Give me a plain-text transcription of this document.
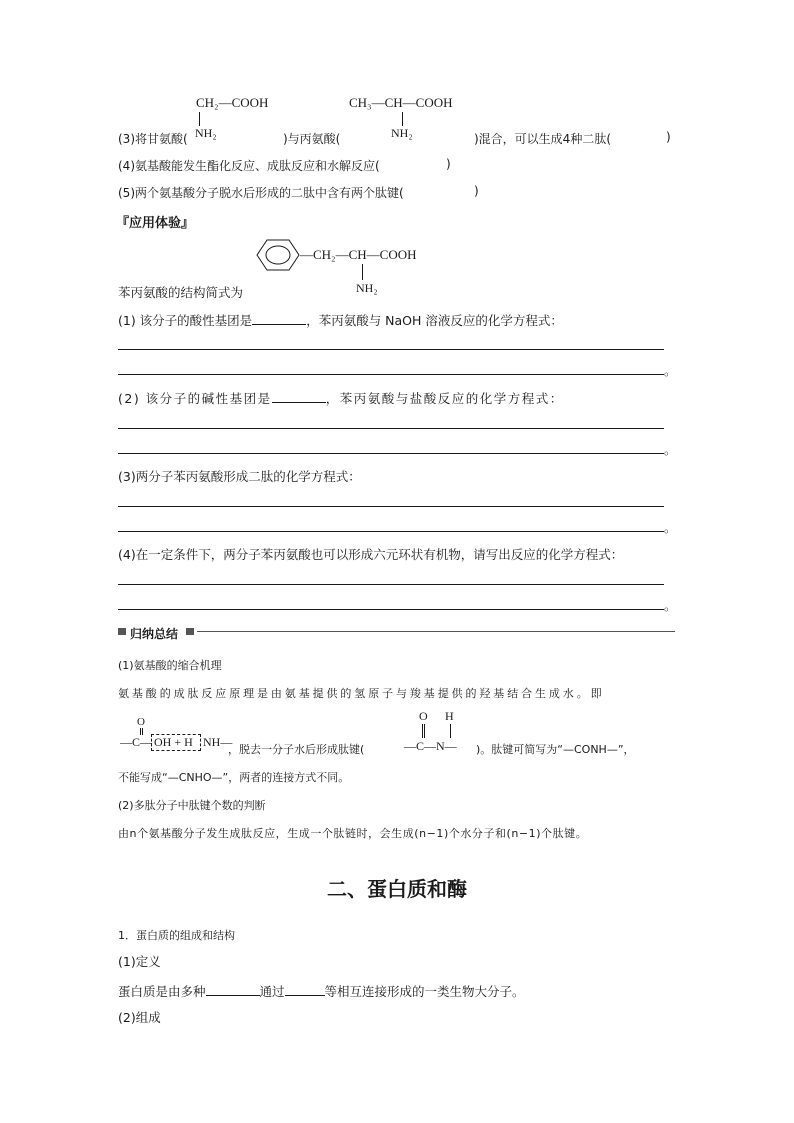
CH₂—COOH
NH₂
CH₃—CH—COOH
NH₂
(3)将甘氨酸(	)与丙氨酸(	)混合，可以生成4种二肽(	)
(4)氨基酸能发生酯化反应、成肽反应和水解反应(	)
(5)两个氨基酸分子脱水后形成的二肽中含有两个肽键(	)
『应用体验』
—CH₂—CH—COOH
NH₂
苯丙氨酸的结构简式为
(1) 该分子的酸性基团是	，苯丙氨酸与 NaOH 溶液反应的化学方程式：
。
(2) 该分子的碱性基团是	，苯丙氨酸与盐酸反应的化学方程式：
。
(3)两分子苯丙氨酸形成二肽的化学方程式：
。
(4)在一定条件下，两分子苯丙氨酸也可以形成六元环状有机物，请写出反应的化学方程式：
。
归纳总结
(1)氨基酸的缩合机理
氨基酸的成肽反应原理是由氨基提供的氢原子与羧基提供的羟基结合生成水。即
O
—C— OH + H NH—
，脱去一分子水后形成肽键(
O H
—C—N— )。肽键可简写为“—CONH—”，
不能写成“—CNHO—”，两者的连接方式不同。
(2)多肽分子中肽键个数的判断
由n个氨基酸分子发生成肽反应，生成一个肽链时，会生成(n−1)个水分子和(n−1)个肽键。
二、蛋白质和酶
1．蛋白质的组成和结构
(1)定义
蛋白质是由多种	通过	等相互连接形成的一类生物大分子。
(2)组成
